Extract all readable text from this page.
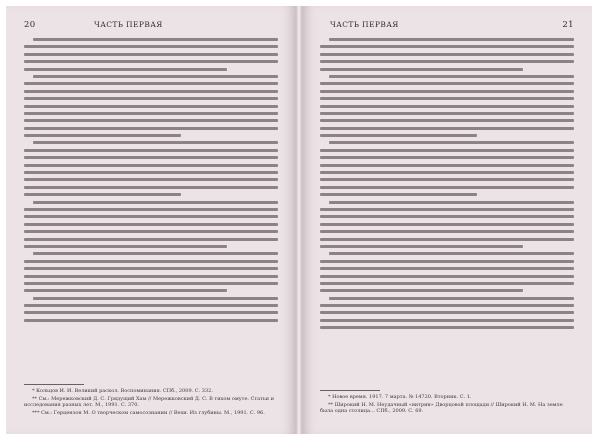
20	ЧАСТЬ ПЕРВАЯ
* Кольцов И. И. Великий раскол. Воспоминания. СПб., 2009. С. 332.
** См.: Мережковский Д. С. Грядущий Хам // Мережковский Д. С. В тихом омуте. Статьи и исследования разных лет. М., 1991. С. 370.
*** См.: Герцензон М. О творческом самосознании // Вехи. Из глубины. М., 1991. С. 96.
ЧАСТЬ ПЕРВАЯ	21
* Новое время. 1917. 7 марта. № 14720. Вторник. С. 1.
** Широкий Н. М. Неудачный «витрин» Дворцовой площади // Широкий Н. М. На земле была одна столица... СПб., 2009. С. 69.
